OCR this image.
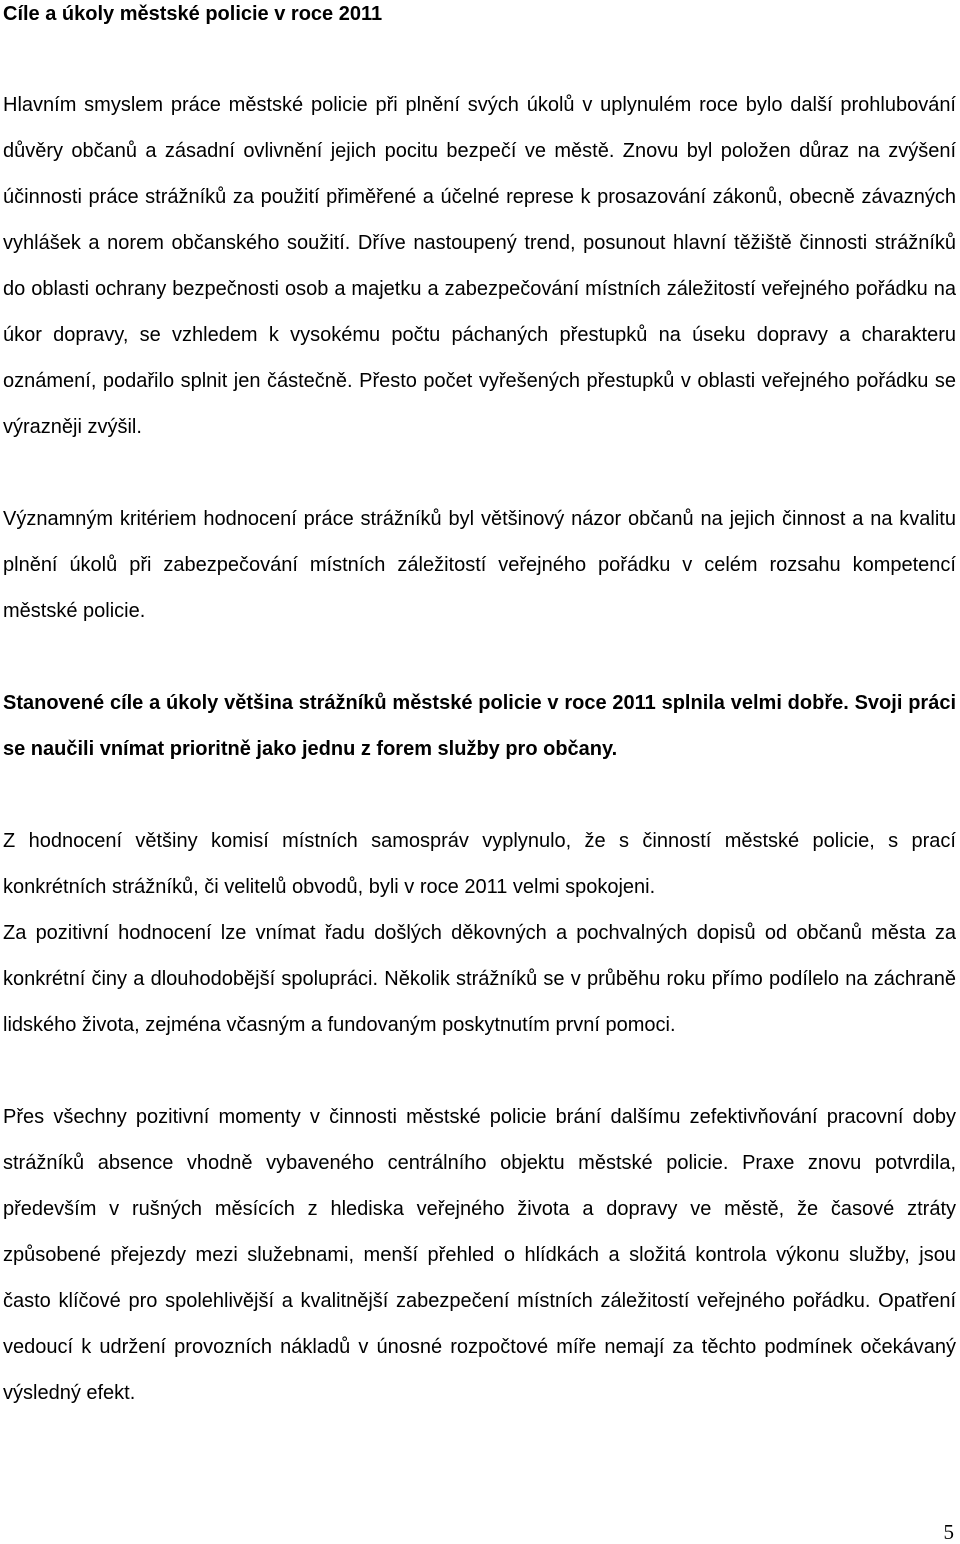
Cíle a úkoly městské policie v roce 2011

Hlavním smyslem práce městské policie při plnění svých úkolů v uplynulém roce bylo další prohlubování důvěry občanů a zásadní ovlivnění jejich pocitu bezpečí ve městě. Znovu byl položen důraz na zvýšení účinnosti práce strážníků za použití přiměřené a účelné represe k prosazování zákonů, obecně závazných vyhlášek a norem občanského soužití. Dříve nastoupený trend, posunout hlavní těžiště činnosti strážníků do oblasti ochrany bezpečnosti osob a majetku a zabezpečování místních záležitostí veřejného pořádku na úkor dopravy, se vzhledem k vysokému počtu páchaných přestupků na úseku dopravy a charakteru oznámení, podařilo splnit jen částečně. Přesto počet vyřešených přestupků v oblasti veřejného pořádku se výrazněji zvýšil.

Významným kritériem hodnocení práce strážníků byl většinový názor občanů na jejich činnost a na kvalitu plnění úkolů při zabezpečování místních záležitostí veřejného pořádku v celém rozsahu kompetencí městské policie.

Stanovené cíle a úkoly většina strážníků městské policie v roce 2011 splnila velmi dobře. Svoji práci se naučili vnímat prioritně jako jednu z forem služby pro občany.

Z hodnocení většiny komisí místních samospráv vyplynulo, že s činností městské policie, s prací konkrétních strážníků, či velitelů obvodů, byli v roce 2011 velmi spokojeni.

Za pozitivní hodnocení lze vnímat řadu došlých děkovných a pochvalných dopisů od občanů města za konkrétní činy a dlouhodobější spolupráci. Několik strážníků se v průběhu roku přímo podílelo na záchraně lidského života, zejména včasným a fundovaným poskytnutím první pomoci.

Přes všechny pozitivní momenty v činnosti městské policie brání dalšímu zefektivňování pracovní doby strážníků absence vhodně vybaveného centrálního objektu městské policie. Praxe znovu potvrdila, především v rušných měsících z hlediska veřejného života a dopravy ve městě, že časové ztráty způsobené přejezdy mezi služebnami, menší přehled o hlídkách a složitá kontrola výkonu služby, jsou často klíčové pro spolehlivější a kvalitnější zabezpečení místních záležitostí veřejného pořádku. Opatření vedoucí k udržení provozních nákladů v únosné rozpočtové míře nemají za těchto podmínek očekávaný výsledný efekt.

5
